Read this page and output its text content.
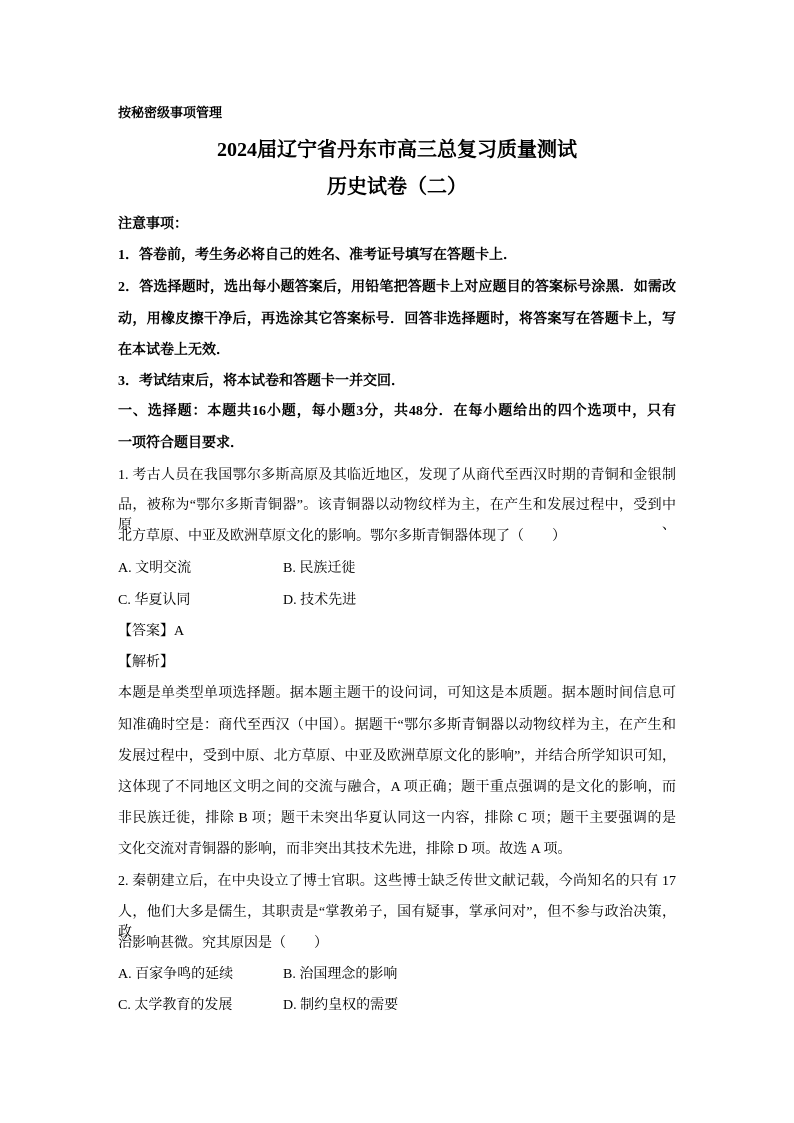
按秘密级事项管理
2024届辽宁省丹东市高三总复习质量测试
历史试卷（二）
注意事项：
1．答卷前，考生务必将自己的姓名、准考证号填写在答题卡上．
2．答选择题时，选出每小题答案后，用铅笔把答题卡上对应题目的答案标号涂黑．如需改
动，用橡皮擦干净后，再选涂其它答案标号．回答非选择题时，将答案写在答题卡上，写
在本试卷上无效．
3．考试结束后，将本试卷和答题卡一并交回．
一、选择题：本题共16小题，每小题3分，共48分．在每小题给出的四个选项中，只有
一项符合题目要求．
1. 考古人员在我国鄂尔多斯高原及其临近地区，发现了从商代至西汉时期的青铜和金银制
品，被称为“鄂尔多斯青铜器”。该青铜器以动物纹样为主，在产生和发展过程中，受到中原、
北方草原、中亚及欧洲草原文化的影响。鄂尔多斯青铜器体现了（　　）
A. 文明交流	B. 民族迁徙
C. 华夏认同	D. 技术先进
【答案】A
【解析】
本题是单类型单项选择题。据本题主题干的设问词，可知这是本质题。据本题时间信息可
知准确时空是：商代至西汉（中国）。据题干“鄂尔多斯青铜器以动物纹样为主，在产生和
发展过程中，受到中原、北方草原、中亚及欧洲草原文化的影响”，并结合所学知识可知，
这体现了不同地区文明之间的交流与融合，A 项正确；题干重点强调的是文化的影响，而
非民族迁徙，排除 B 项；题干未突出华夏认同这一内容，排除 C 项；题干主要强调的是
文化交流对青铜器的影响，而非突出其技术先进，排除 D 项。故选 A 项。
2. 秦朝建立后，在中央设立了博士官职。这些博士缺乏传世文献记载，今尚知名的只有 17
人，他们大多是儒生，其职责是“掌教弟子，国有疑事，掌承问对”，但不参与政治决策，政
治影响甚微。究其原因是（　　）
A. 百家争鸣的延续	B. 治国理念的影响
C. 太学教育的发展	D. 制约皇权的需要
